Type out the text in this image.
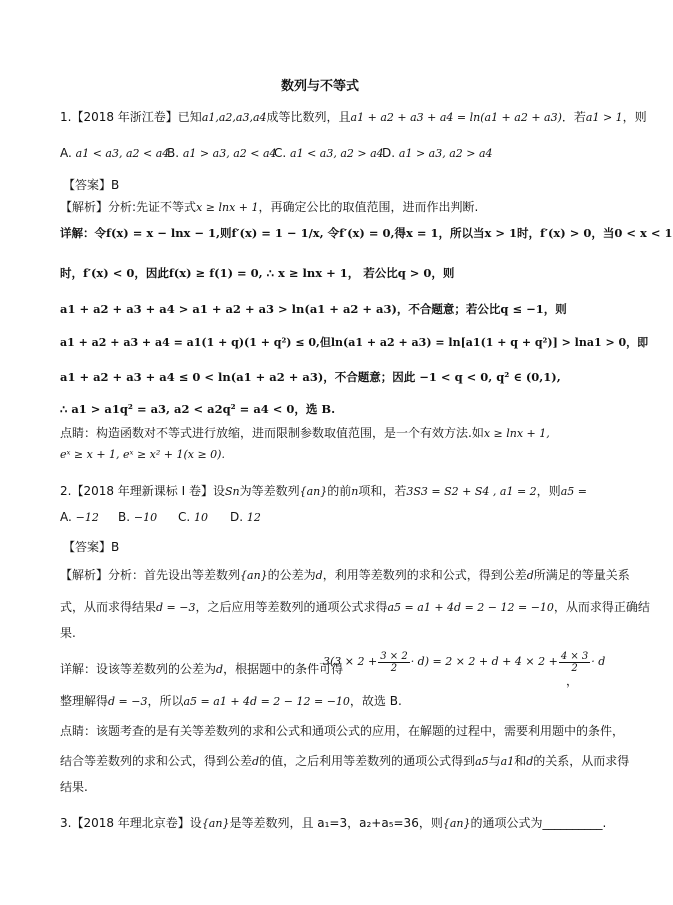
数列与不等式
1.【2018 年浙江卷】已知a1,a2,a3,a4成等比数列，且a1 + a2 + a3 + a4 = ln(a1 + a2 + a3)．若a1 > 1，则
A. a1 < a3, a2 < a4
B. a1 > a3, a2 < a4
C. a1 < a3, a2 > a4
D. a1 > a3, a2 > a4
【答案】B
【解析】分析:先证不等式x ≥ lnx + 1，再确定公比的取值范围，进而作出判断.
详解：令f(x) = x − lnx − 1,则f′(x) = 1 − 1/x, 令f′(x) = 0,得x = 1，所以当x > 1时，f′(x) > 0，当0 < x < 1
时，f′(x) < 0，因此f(x) ≥ f(1) = 0, ∴ x ≥ lnx + 1， 若公比q > 0，则
a1 + a2 + a3 + a4 > a1 + a2 + a3 > ln(a1 + a2 + a3)，不合题意；若公比q ≤ −1，则
a1 + a2 + a3 + a4 = a1(1 + q)(1 + q²) ≤ 0,但ln(a1 + a2 + a3) = ln[a1(1 + q + q²)] > lna1 > 0，即
a1 + a2 + a3 + a4 ≤ 0 < ln(a1 + a2 + a3)，不合题意；因此 −1 < q < 0, q² ∈ (0,1),
∴ a1 > a1q² = a3, a2 < a2q² = a4 < 0，选 B.
点睛：构造函数对不等式进行放缩，进而限制参数取值范围，是一个有效方法.如x ≥ lnx + 1,
eˣ ≥ x + 1, eˣ ≥ x² + 1(x ≥ 0).
2.【2018 年理新课标 I 卷】设Sn为等差数列{an}的前n项和，若3S3 = S2 + S4 , a1 = 2，则a5 =
A. −12 B. −10 C. 10 D. 12
【答案】B
【解析】分析：首先设出等差数列{an}的公差为d，利用等差数列的求和公式，得到公差d所满足的等量关系
式，从而求得结果d = −3，之后应用等差数列的通项公式求得a5 = a1 + 4d = 2 − 12 = −10，从而求得正确结
果.
详解：设该等差数列的公差为d，根据题中的条件可得
$3(3 \times 2 + \frac{3 \times 2}{2} \cdot d) = 2 \times 2 + d + 4 \times 2 + \frac{4 \times 3}{2} \cdot d$
，
整理解得d = −3，所以a5 = a1 + 4d = 2 − 12 = −10，故选 B.
点睛：该题考查的是有关等差数列的求和公式和通项公式的应用，在解题的过程中，需要利用题中的条件，
结合等差数列的求和公式，得到公差d的值，之后利用等差数列的通项公式得到a5与a1和d的关系，从而求得
结果.
3.【2018 年理北京卷】设{an}是等差数列，且 a₁=3，a₂+a₅=36，则{an}的通项公式为__________.
